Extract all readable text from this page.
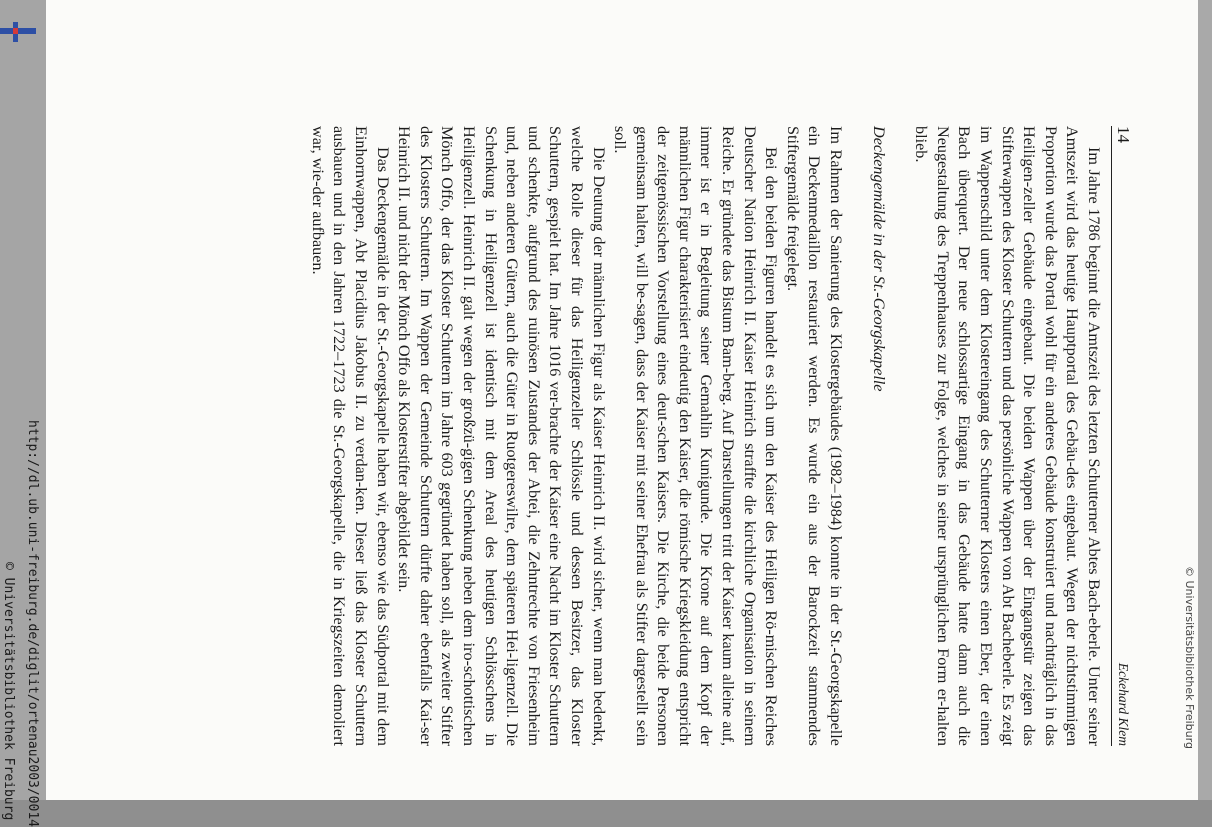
http://dl.ub.uni-freiburg.de/diglit/ortenau2003/0014
© Universitätsbibliothek Freiburg
14
Eckehard Klem

Im Jahre 1786 beginnt die Amtszeit des letzten Schutterner Abtes Bach-eberle. Unter seiner Amtszeit wird das heutige Hauptportal des Gebäu-des eingebaut. Wegen der nichtstimmigen Proportion wurde das Portal wohl für ein anderes Gebäude konstruiert und nachträglich in das Heiligen-zeller Gebäude eingebaut. Die beiden Wappen über der Eingangstür zeigen das Stifterwappen des Kloster Schuttern und das persönliche Wappen von Abt Bacheberle. Es zeigt im Wappenschild unter dem Klostereingang des Schutterner Klosters einen Eber, der einen Bach überquert. Der neue schlossartige Eingang in das Gebäude hatte dann auch die Neugestaltung des Treppenhauses zur Folge, welches in seiner ursprünglichen Form er-halten blieb.

Deckengemälde in der St.-Georgskapelle

Im Rahmen der Sanierung des Klostergebäudes (1982–1984) konnte in der St.-Georgskapelle ein Deckenmedaillon restauriert werden. Es wurde ein aus der Barockzeit stammendes Stiftergemälde freigelegt.

Bei den beiden Figuren handelt es sich um den Kaiser des Heiligen Rö-mischen Reiches Deutscher Nation Heinrich II. Kaiser Heinrich straffte die kirchliche Organisation in seinem Reiche. Er gründete das Bistum Bam-berg. Auf Darstellungen tritt der Kaiser kaum alleine auf, immer ist er in Begleitung seiner Gemahlin Kunigunde. Die Krone auf dem Kopf der männlichen Figur charakterisiert eindeutig den Kaiser, die römische Kriegskleidung entspricht der zeitgenössischen Vorstellung eines deut-schen Kaisers. Die Kirche, die beide Personen gemeinsam halten, will be-sagen, dass der Kaiser mit seiner Ehefrau als Stifter dargestellt sein soll.

Die Deutung der männlichen Figur als Kaiser Heinrich II. wird sicher, wenn man bedenkt, welche Rolle dieser für das Heiligenzeller Schlössle und dessen Besitzer, das Kloster Schuttern, gespielt hat. Im Jahre 1016 ver-brachte der Kaiser eine Nacht im Kloster Schuttern und schenkte, aufgrund des ruinösen Zustandes der Abtei, die Zehntrechte von Friesenheim und, neben anderen Gütern, auch die Güter in Ruotgereswilre, dem späteren Hei-ligenzell. Die Schenkung in Heiligenzell ist identisch mit dem Areal des heutigen Schlösschens in Heiligenzell. Heinrich II. galt wegen der großzü-gigen Schenkung neben dem iro-schottischen Mönch Offo, der das Kloster Schuttern im Jahre 603 gegründet haben soll, als zweiter Stifter des Klosters Schuttern. Im Wappen der Gemeinde Schuttern dürfte daher ebenfalls Kai-ser Heinrich II. und nicht der Mönch Offo als Klosterstifter abgebildet sein.

Das Deckengemälde in der St.-Georgskapelle haben wir, ebenso wie das Südportal mit dem Einhornwappen, Abt Placidius Jakobus II. zu verdan-ken. Dieser ließ das Kloster Schuttern ausbauen und in den Jahren 1722–1723 die St.-Georgskapelle, die in Kriegszeiten demoliert war, wie-der aufbauen.

© Universitätsbibliothek Freiburg
